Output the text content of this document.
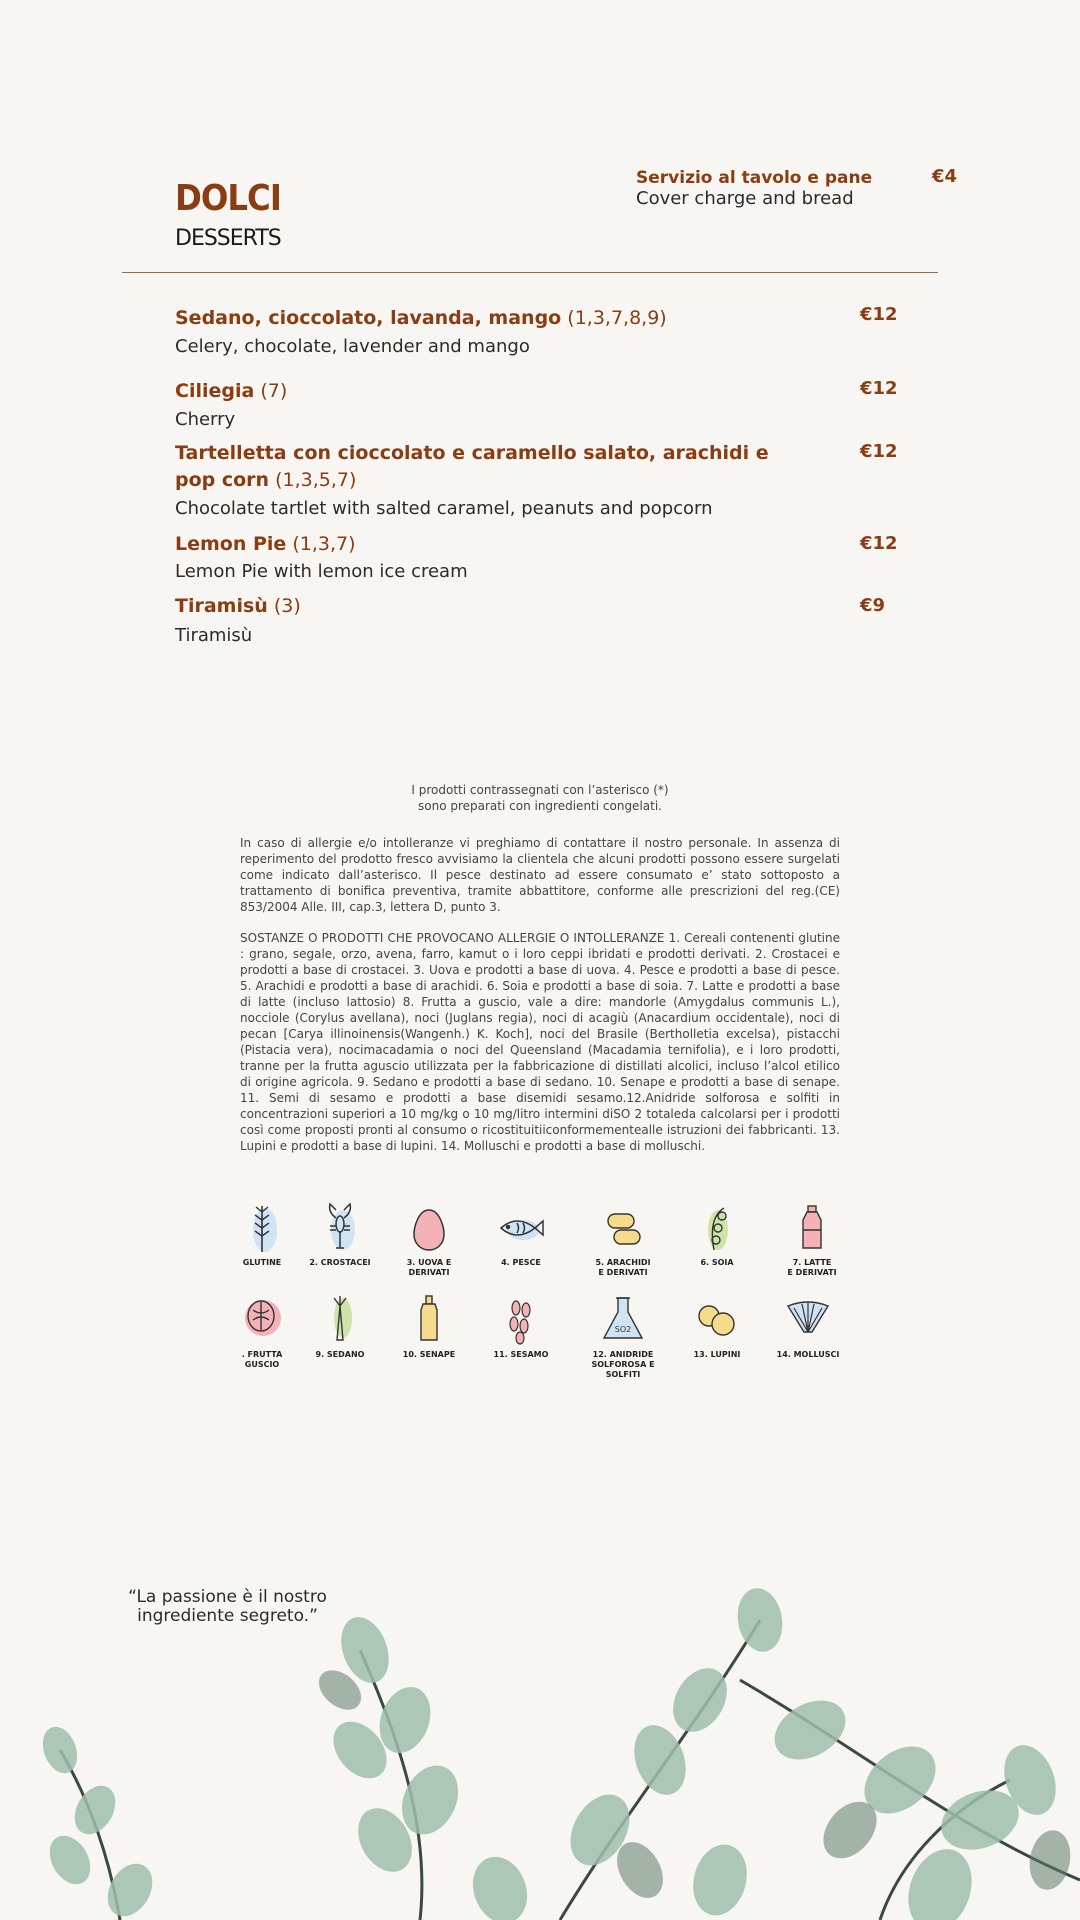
DOLCI
DESSERTS
Servizio al tavolo e pane
Cover charge and bread
€4
Sedano, cioccolato, lavanda, mango (1,3,7,8,9)
Celery, chocolate, lavender and mango
€12
Ciliegia (7)
Cherry
€12
Tartelletta con cioccolato e caramello salato, arachidi e pop corn (1,3,5,7)
Chocolate tartlet with salted caramel, peanuts and popcorn
€12
Lemon Pie (1,3,7)
Lemon Pie with lemon ice cream
€12
Tiramisù (3)
Tiramisù
€9
I prodotti contrassegnati con l’asterisco (*)
sono preparati con ingredienti congelati.
In caso di allergie e/o intolleranze vi preghiamo di contattare il nostro personale. In assenza di reperimento del prodotto fresco avvisiamo la clientela che alcuni prodotti possono essere surgelati come indicato dall’asterisco. Il pesce destinato ad essere consumato e’ stato sottoposto a trattamento di bonifica preventiva, tramite abbattitore, conforme alle prescrizioni del reg.(CE) 853/2004 Alle. III, cap.3, lettera D, punto 3.
SOSTANZE O PRODOTTI CHE PROVOCANO ALLERGIE O INTOLLERANZE 1. Cereali contenenti glutine : grano, segale, orzo, avena, farro, kamut o i loro ceppi ibridati e prodotti derivati. 2. Crostacei e prodotti a base di crostacei. 3. Uova e prodotti a base di uova. 4. Pesce e prodotti a base di pesce. 5. Arachidi e prodotti a base di arachidi. 6. Soia e prodotti a base di soia. 7. Latte e prodotti a base di latte (incluso lattosio) 8. Frutta a guscio, vale a dire: mandorle (Amygdalus communis L.), nocciole (Corylus avellana), noci (Juglans regia), noci di acagiù (Anacardium occidentale), noci di pecan [Carya illinoinensis(Wangenh.) K. Koch], noci del Brasile (Bertholletia excelsa), pistacchi (Pistacia vera), nocimacadamia o noci del Queensland (Macadamia ternifolia), e i loro prodotti, tranne per la frutta aguscio utilizzata per la fabbricazione di distillati alcolici, incluso l’alcol etilico di origine agricola. 9. Sedano e prodotti a base di sedano. 10. Senape e prodotti a base di senape. 11. Semi di sesamo e prodotti a base disemidi sesamo.12.Anidride solforosa e solfiti in concentrazioni superiori a 10 mg/kg o 10 mg/litro intermini diSO 2 totaleda calcolarsi per i prodotti così come proposti pronti al consumo o ricostituitiiconformementealle istruzioni dei fabbricanti. 13. Lupini e prodotti a base di lupini. 14. Molluschi e prodotti a base di molluschi.
GLUTINE	2. CROSTACEI	3. UOVA E
DERIVATI
4. PESCE	5. ARACHIDI
E DERIVATI
6. SOIA	7. LATTE
E DERIVATI
. FRUTTA
GUSCIO
9. SEDANO	10. SENAPE	11. SESAMO
SO2
12. ANIDRIDE
SOLFOROSA E SOLFITI
13. LUPINI	14. MOLLUSCI
“La passione è il nostro
ingrediente segreto.”
